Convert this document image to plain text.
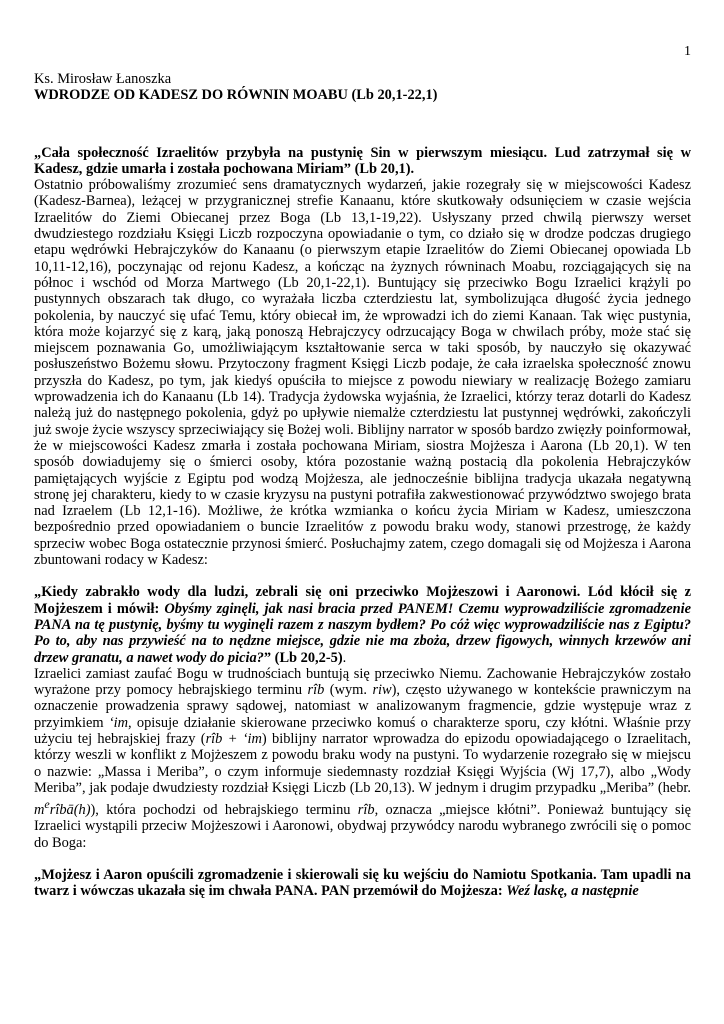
1

Ks. Mirosław Łanoszka

WDRODZE OD KADESZ DO RÓWNIN MOABU (Lb 20,1-22,1)

„Cała społeczność Izraelitów przybyła na pustynię Sin w pierwszym miesiącu. Lud zatrzymał się w Kadesz, gdzie umarła i została pochowana Miriam” (Lb 20,1).

Ostatnio próbowaliśmy zrozumieć sens dramatycznych wydarzeń, jakie rozegrały się w miejscowości Kadesz (Kadesz-Barnea), leżącej w przygranicznej strefie Kanaanu, które skutkowały odsunięciem w czasie wejścia Izraelitów do Ziemi Obiecanej przez Boga (Lb 13,1-19,22). Usłyszany przed chwilą pierwszy werset dwudziestego rozdziału Księgi Liczb rozpoczyna opowiadanie o tym, co działo się w drodze podczas drugiego etapu wędrówki Hebrajczyków do Kanaanu (o pierwszym etapie Izraelitów do Ziemi Obiecanej opowiada Lb 10,11-12,16), poczynając od rejonu Kadesz, a kończąc na żyznych równinach Moabu, rozciągających się na północ i wschód od Morza Martwego (Lb 20,1-22,1). Buntujący się przeciwko Bogu Izraelici krążyli po pustynnych obszarach tak długo, co wyrażała liczba czterdziestu lat, symbolizująca długość życia jednego pokolenia, by nauczyć się ufać Temu, który obiecał im, że wprowadzi ich do ziemi Kanaan. Tak więc pustynia, która może kojarzyć się z karą, jaką ponoszą Hebrajczycy odrzucający Boga w chwilach próby, może stać się miejscem poznawania Go, umożliwiającym kształtowanie serca w taki sposób, by nauczyło się okazywać posłuszeństwo Bożemu słowu. Przytoczony fragment Księgi Liczb podaje, że cała izraelska społeczność znowu przyszła do Kadesz, po tym, jak kiedyś opuściła to miejsce z powodu niewiary w realizację Bożego zamiaru wprowadzenia ich do Kanaanu (Lb 14). Tradycja żydowska wyjaśnia, że Izraelici, którzy teraz dotarli do Kadesz należą już do następnego pokolenia, gdyż po upływie niemalże czterdziestu lat pustynnej wędrówki, zakończyli już swoje życie wszyscy sprzeciwiający się Bożej woli. Biblijny narrator w sposób bardzo zwięzły poinformował, że w miejscowości Kadesz zmarła i została pochowana Miriam, siostra Mojżesza i Aarona (Lb 20,1). W ten sposób dowiadujemy się o śmierci osoby, która pozostanie ważną postacią dla pokolenia Hebrajczyków pamiętających wyjście z Egiptu pod wodzą Mojżesza, ale jednocześnie biblijna tradycja ukazała negatywną stronę jej charakteru, kiedy to w czasie kryzysu na pustyni potrafiła zakwestionować przywództwo swojego brata nad Izraelem (Lb 12,1-16). Możliwe, że krótka wzmianka o końcu życia Miriam w Kadesz, umieszczona bezpośrednio przed opowiadaniem o buncie Izraelitów z powodu braku wody, stanowi przestrogę, że każdy sprzeciw wobec Boga ostatecznie przynosi śmierć. Posłuchajmy zatem, czego domagali się od Mojżesza i Aarona zbuntowani rodacy w Kadesz:

„Kiedy zabrakło wody dla ludzi, zebrali się oni przeciwko Mojżeszowi i Aaronowi. Lód kłócił się z Mojżeszem i mówił: Obyśmy zginęli, jak nasi bracia przed PANEM! Czemu wyprowadziliście zgromadzenie PANA na tę pustynię, byśmy tu wyginęli razem z naszym bydłem? Po cóż więc wyprowadziliście nas z Egiptu? Po to, aby nas przywieść na to nędzne miejsce, gdzie nie ma zboża, drzew figowych, winnych krzewów ani drzew granatu, a nawet wody do picia?” (Lb 20,2-5).

Izraelici zamiast zaufać Bogu w trudnościach buntują się przeciwko Niemu. Zachowanie Hebrajczyków zostało wyrażone przy pomocy hebrajskiego terminu rîb (wym. riw), często używanego w kontekście prawniczym na oznaczenie prowadzenia sprawy sądowej, natomiast w analizowanym fragmencie, gdzie występuje wraz z przyimkiem ‘im, opisuje działanie skierowane przeciwko komuś o charakterze sporu, czy kłótni. Właśnie przy użyciu tej hebrajskiej frazy (rîb + ‘im) biblijny narrator wprowadza do epizodu opowiadającego o Izraelitach, którzy weszli w konflikt z Mojżeszem z powodu braku wody na pustyni. To wydarzenie rozegrało się w miejscu o nazwie: „Massa i Meriba”, o czym informuje siedemnasty rozdział Księgi Wyjścia (Wj 17,7), albo „Wody Meriba”, jak podaje dwudziesty rozdział Księgi Liczb (Lb 20,13). W jednym i drugim przypadku „Meriba” (hebr. $m^erîbā(h)$), która pochodzi od hebrajskiego terminu rîb, oznacza „miejsce kłótni”. Ponieważ buntujący się Izraelici wystąpili przeciw Mojżeszowi i Aaronowi, obydwaj przywódcy narodu wybranego zwrócili się o pomoc do Boga:

„Mojżesz i Aaron opuścili zgromadzenie i skierowali się ku wejściu do Namiotu Spotkania. Tam upadli na twarz i wówczas ukazała się im chwała PANA. PAN przemówił do Mojżesza: Weź laskę, a następnie
